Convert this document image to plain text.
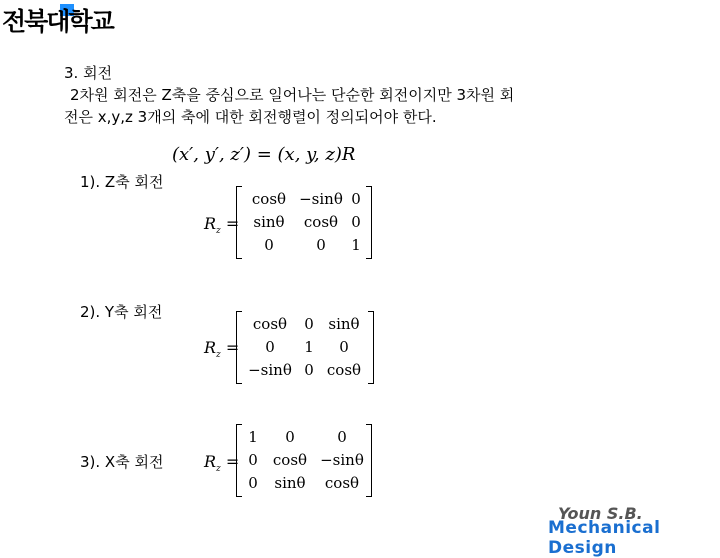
전북대학교
3. 회전
2차원 회전은 Z축을 중심으로 일어나는 단순한 회전이지만 3차원 회
전은 x,y,z 3개의 축에 대한 회전행렬이 정의되어야 한다.
(x′, y′, z′) = (x, y, z)R
1). Z축 회전
$R_z$ =
cosθ −sinθ 0
sinθ	cosθ 0
0	0	1
2). Y축 회전
$R_z$ =
cosθ	0 sinθ
0	1	0
−sinθ 0 cosθ
3). X축 회전	$R_z$ =
1	0	0
0	cosθ −sinθ
0	sinθ	cosθ
Youn S.B.
Mechanical Design
